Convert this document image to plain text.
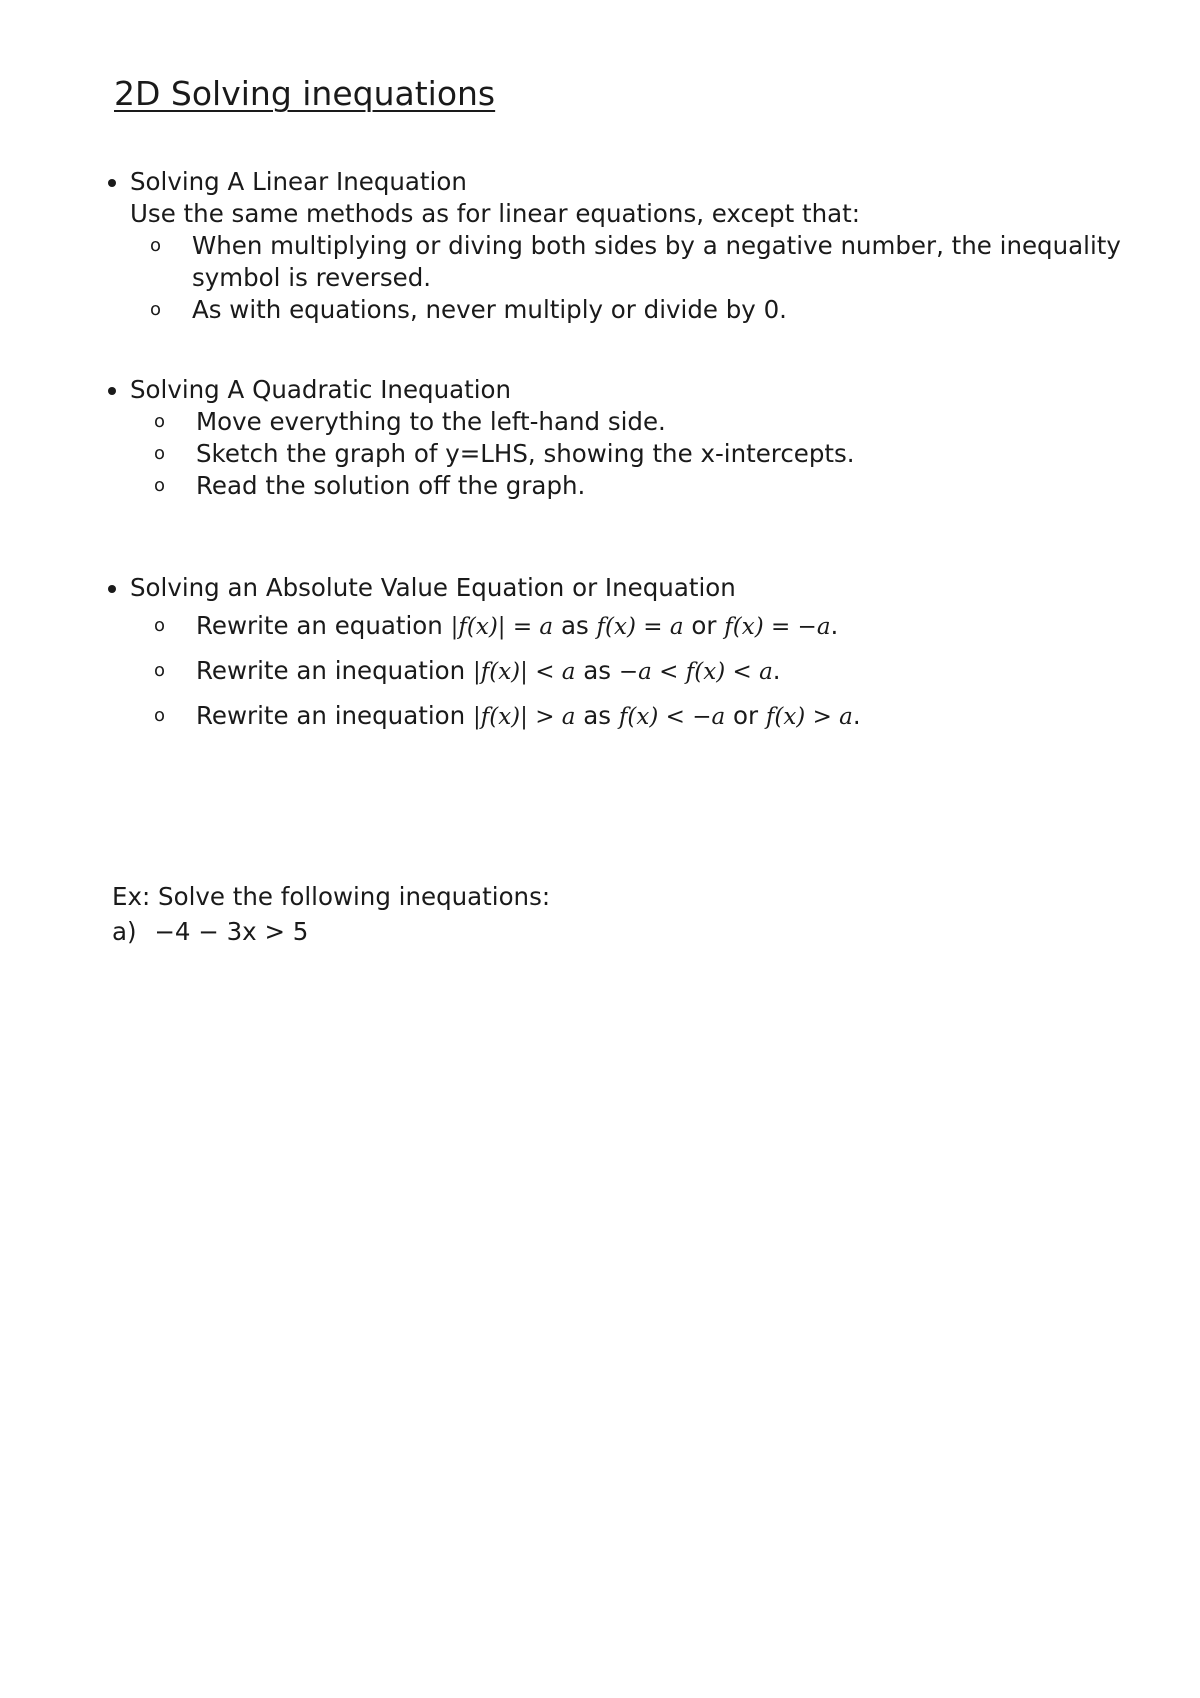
2D Solving inequations
Solving A Linear Inequation
Use the same methods as for linear equations, except that:
o When multiplying or diving both sides by a negative number, the inequality symbol is reversed.
o As with equations, never multiply or divide by 0.
Solving A Quadratic Inequation
o Move everything to the left-hand side.
o Sketch the graph of y=LHS, showing the x-intercepts.
o Read the solution off the graph.
Solving an Absolute Value Equation or Inequation
o Rewrite an equation |f(x)| = a as f(x) = a or f(x) = −a.
o Rewrite an inequation |f(x)| < a as −a < f(x) < a.
o Rewrite an inequation |f(x)| > a as f(x) < −a or f(x) > a.

Ex: Solve the following inequations:

a) −4 − 3x > 5
